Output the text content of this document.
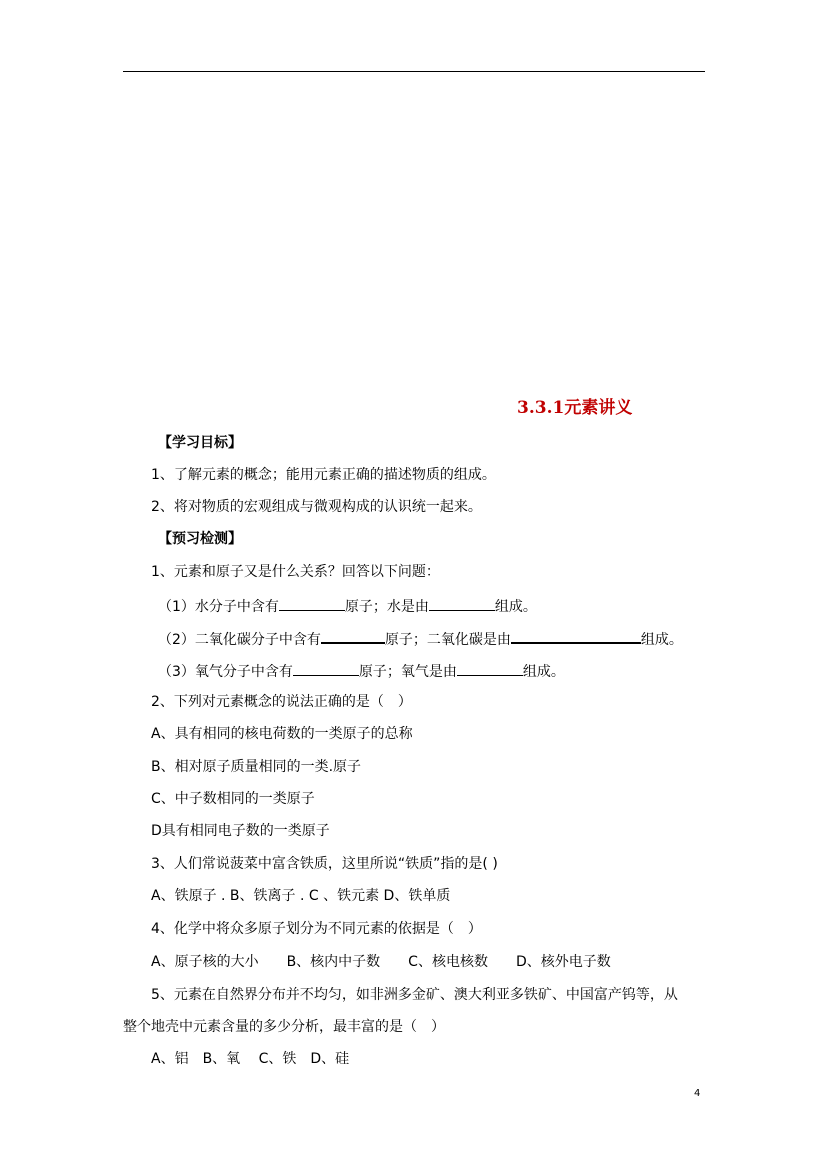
3.3.1元素讲义
【学习目标】
1、了解元素的概念；能用元素正确的描述物质的组成。
2、将对物质的宏观组成与微观构成的认识统一起来。
【预习检测】
1、元素和原子又是什么关系？回答以下问题：
（1）水分子中含有	原子；水是由	组成。
（2）二氧化碳分子中含有	原子；二氧化碳是由	组成。
（3）氧气分子中含有	原子；氧气是由	组成。
2、下列对元素概念的说法正确的是（　）
A、具有相同的核电荷数的一类原子的总称
B、相对原子质量相同的一类.原子
C、中子数相同的一类原子
D具有相同电子数的一类原子
3、人们常说菠菜中富含铁质，这里所说“铁质”指的是( )
A、铁原子 . B、铁离子 . C 、铁元素 D、铁单质
4、化学中将众多原子划分为不同元素的依据是（　）
A、原子核的大小　　B、核内中子数　　C、核电核数　　D、核外电子数
5、元素在自然界分布并不均匀，如非洲多金矿、澳大利亚多铁矿、中国富产钨等，从
整个地壳中元素含量的多少分析，最丰富的是（　）
A、铝　B、氧　 C、铁　D、硅
4
